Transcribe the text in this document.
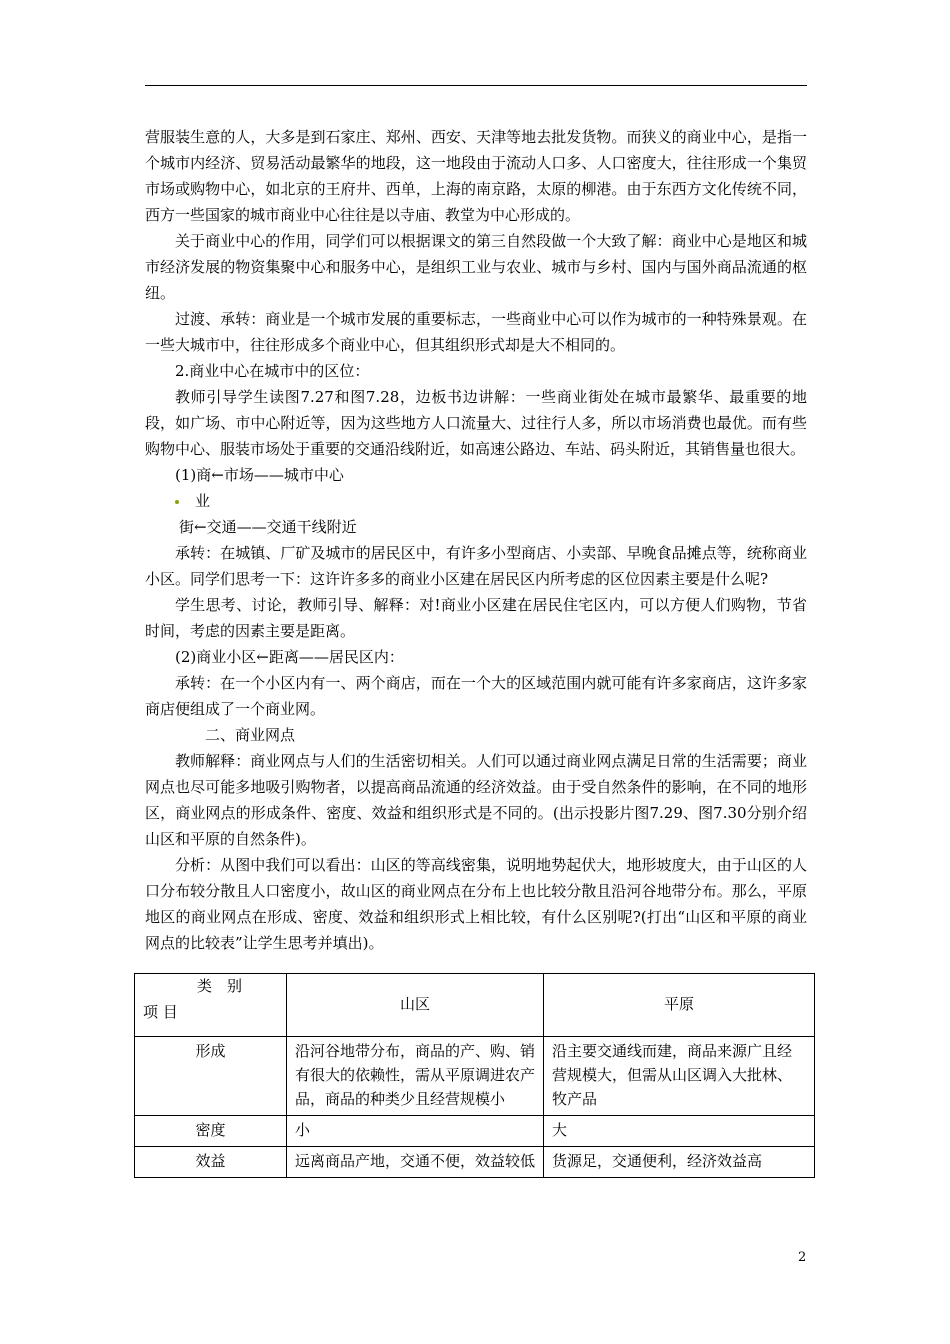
营服装生意的人，大多是到石家庄、郑州、西安、天津等地去批发货物。而狭义的商业中心，是指一个城市内经济、贸易活动最繁华的地段，这一地段由于流动人口多、人口密度大，往往形成一个集贸市场或购物中心，如北京的王府井、西单，上海的南京路，太原的柳港。由于东西方文化传统不同，西方一些国家的城市商业中心往往是以寺庙、教堂为中心形成的。

关于商业中心的作用，同学们可以根据课文的第三自然段做一个大致了解：商业中心是地区和城市经济发展的物资集聚中心和服务中心，是组织工业与农业、城市与乡村、国内与国外商品流通的枢纽。

过渡、承转：商业是一个城市发展的重要标志，一些商业中心可以作为城市的一种特殊景观。在一些大城市中，往往形成多个商业中心，但其组织形式却是大不相同的。

2.商业中心在城市中的区位：

教师引导学生读图7.27和图7.28，边板书边讲解：一些商业街处在城市最繁华、最重要的地段，如广场、市中心附近等，因为这些地方人口流量大、过往行人多，所以市场消费也最优。而有些购物中心、服装市场处于重要的交通沿线附近，如高速公路边、车站、码头附近，其销售量也很大。

(1)商←市场——城市中心

业

街←交通——交通干线附近

承转：在城镇、厂矿及城市的居民区中，有许多小型商店、小卖部、早晚食品摊点等，统称商业小区。同学们思考一下：这许许多多的商业小区建在居民区内所考虑的区位因素主要是什么呢?

学生思考、讨论，教师引导、解释：对!商业小区建在居民住宅区内，可以方便人们购物，节省时间，考虑的因素主要是距离。

(2)商业小区←距离——居民区内：

承转：在一个小区内有一、两个商店，而在一个大的区域范围内就可能有许多家商店，这许多家商店便组成了一个商业网。

二、商业网点

教师解释：商业网点与人们的生活密切相关。人们可以通过商业网点满足日常的生活需要；商业网点也尽可能多地吸引购物者，以提高商品流通的经济效益。由于受自然条件的影响，在不同的地形区，商业网点的形成条件、密度、效益和组织形式是不同的。(出示投影片图7.29、图7.30分别介绍山区和平原的自然条件)。

分析：从图中我们可以看出：山区的等高线密集，说明地势起伏大，地形坡度大，由于山区的人口分布较分散且人口密度小，故山区的商业网点在分布上也比较分散且沿河谷地带分布。那么，平原地区的商业网点在形成、密度、效益和组织形式上相比较，有什么区别呢?(打出“山区和平原的商业网点的比较表”让学生思考并填出)。

类　别
项 目	山区	平原
形成	沿河谷地带分布，商品的产、购、销有很大的依赖性，需从平原调进农产品，商品的种类少且经营规模小	沿主要交通线而建，商品来源广且经营规模大，但需从山区调入大批林、牧产品
密度	小	大
效益	远离商品产地，交通不便，效益较低	货源足，交通便利，经济效益高
2
